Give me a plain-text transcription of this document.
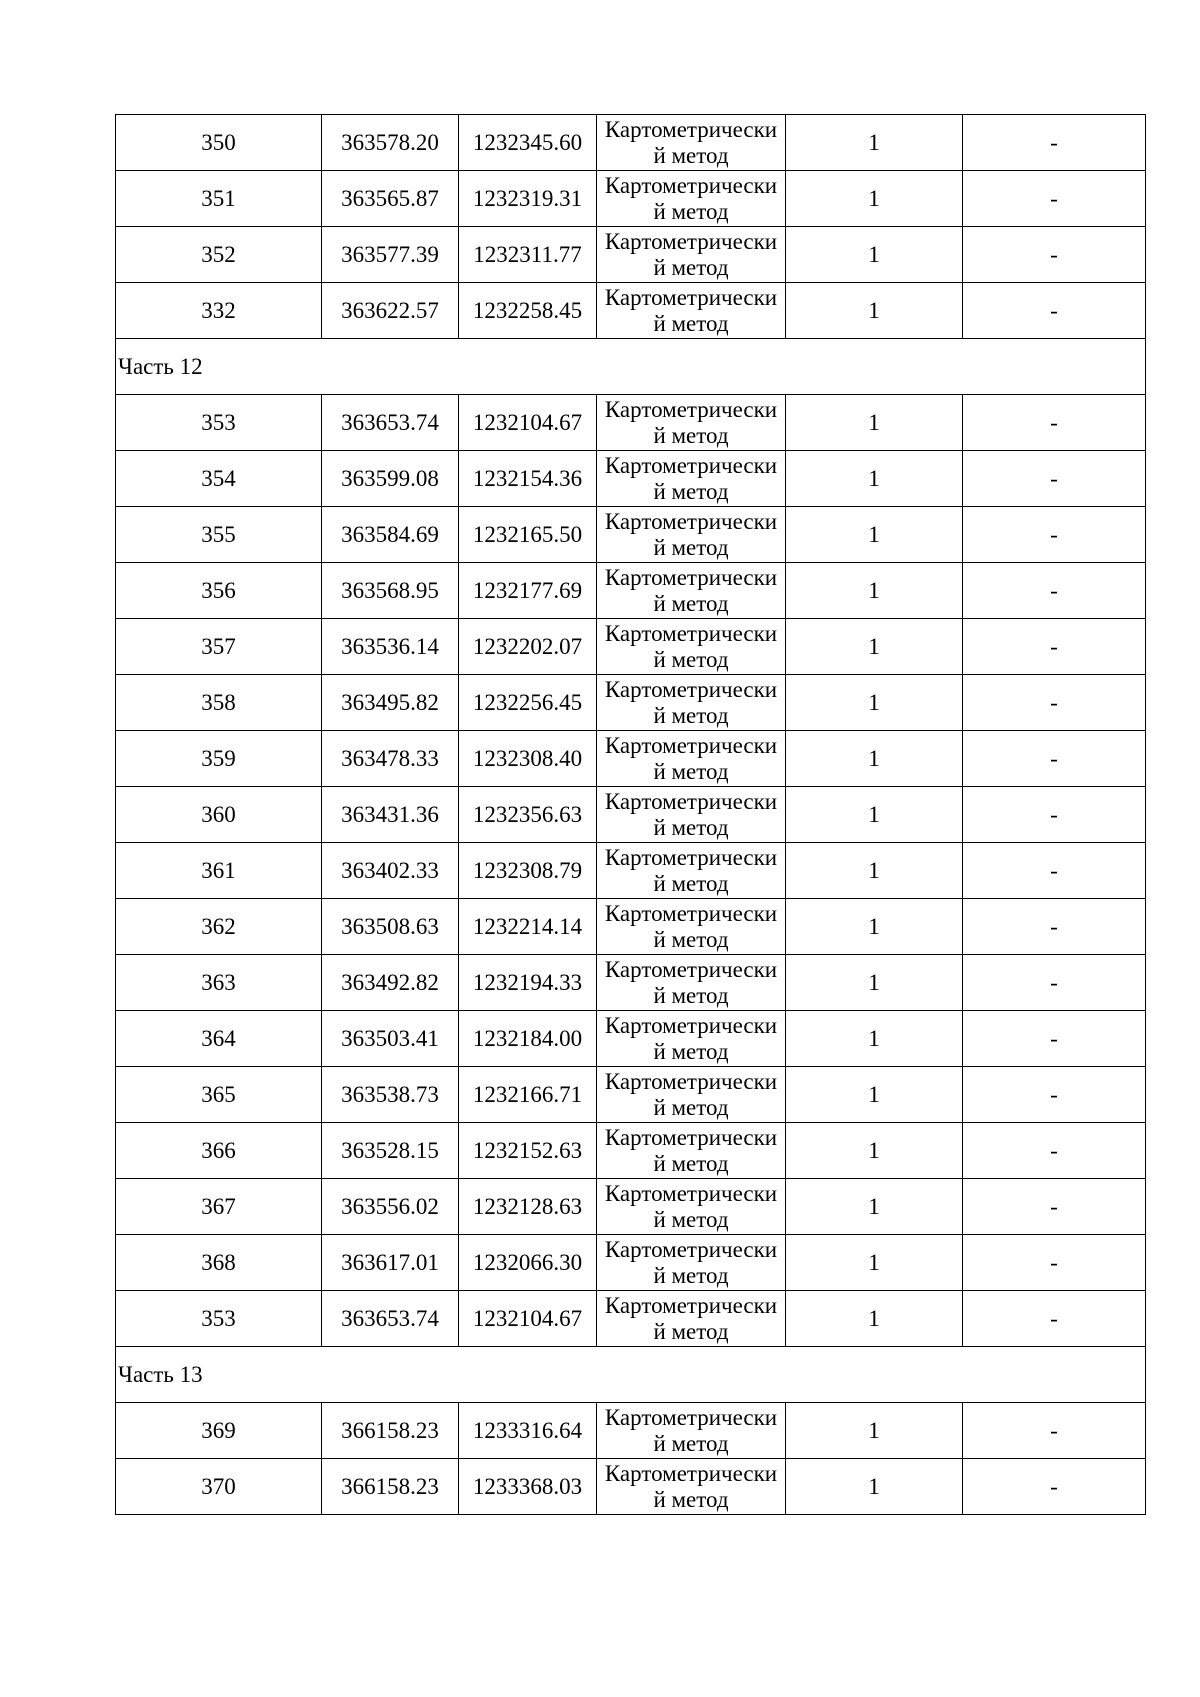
350	363578.20	1232345.60	Картометрически
й метод	1	-
351	363565.87	1232319.31	Картометрически
й метод	1	-
352	363577.39	1232311.77	Картометрически
й метод	1	-
332	363622.57	1232258.45	Картометрически
й метод	1	-
Часть 12					
353	363653.74	1232104.67	Картометрически
й метод	1	-
354	363599.08	1232154.36	Картометрически
й метод	1	-
355	363584.69	1232165.50	Картометрически
й метод	1	-
356	363568.95	1232177.69	Картометрически
й метод	1	-
357	363536.14	1232202.07	Картометрически
й метод	1	-
358	363495.82	1232256.45	Картометрически
й метод	1	-
359	363478.33	1232308.40	Картометрически
й метод	1	-
360	363431.36	1232356.63	Картометрически
й метод	1	-
361	363402.33	1232308.79	Картометрически
й метод	1	-
362	363508.63	1232214.14	Картометрически
й метод	1	-
363	363492.82	1232194.33	Картометрически
й метод	1	-
364	363503.41	1232184.00	Картометрически
й метод	1	-
365	363538.73	1232166.71	Картометрически
й метод	1	-
366	363528.15	1232152.63	Картометрически
й метод	1	-
367	363556.02	1232128.63	Картометрически
й метод	1	-
368	363617.01	1232066.30	Картометрически
й метод	1	-
353	363653.74	1232104.67	Картометрически
й метод	1	-
Часть 13					
369	366158.23	1233316.64	Картометрически
й метод	1	-
370	366158.23	1233368.03	Картометрически
й метод	1	-
